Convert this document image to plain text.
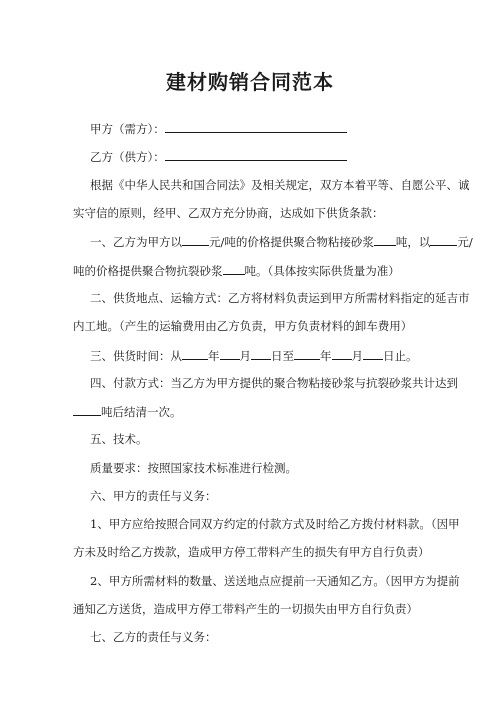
建材购销合同范本
甲方（需方）：
乙方（供方）：
根据《中华人民共和国合同法》及相关规定，双方本着平等、自愿公平、诚
实守信的原则，经甲、乙双方充分协商，达成如下供货条款：
一、乙方为甲方以 元/吨的价格提供聚合物粘接砂浆 吨，以 元/
吨的价格提供聚合物抗裂砂浆 吨。（具体按实际供货量为准）
二、供货地点、运输方式：乙方将材料负责运到甲方所需材料指定的延吉市
内工地。（产生的运输费用由乙方负责，甲方负责材料的卸车费用）
三、供货时间：从 年 月 日至 年 月 日止。
四、付款方式：当乙方为甲方提供的聚合物粘接砂浆与抗裂砂浆共计达到
吨后结清一次。
五、技术。
质量要求：按照国家技术标准进行检测。
六、甲方的责任与义务：
1、甲方应给按照合同双方约定的付款方式及时给乙方拨付材料款。（因甲
方未及时给乙方拨款，造成甲方停工带料产生的损失有甲方自行负责）
2、甲方所需材料的数量、送送地点应提前一天通知乙方。（因甲方为提前
通知乙方送货，造成甲方停工带料产生的一切损失由甲方自行负责）
七、乙方的责任与义务：
